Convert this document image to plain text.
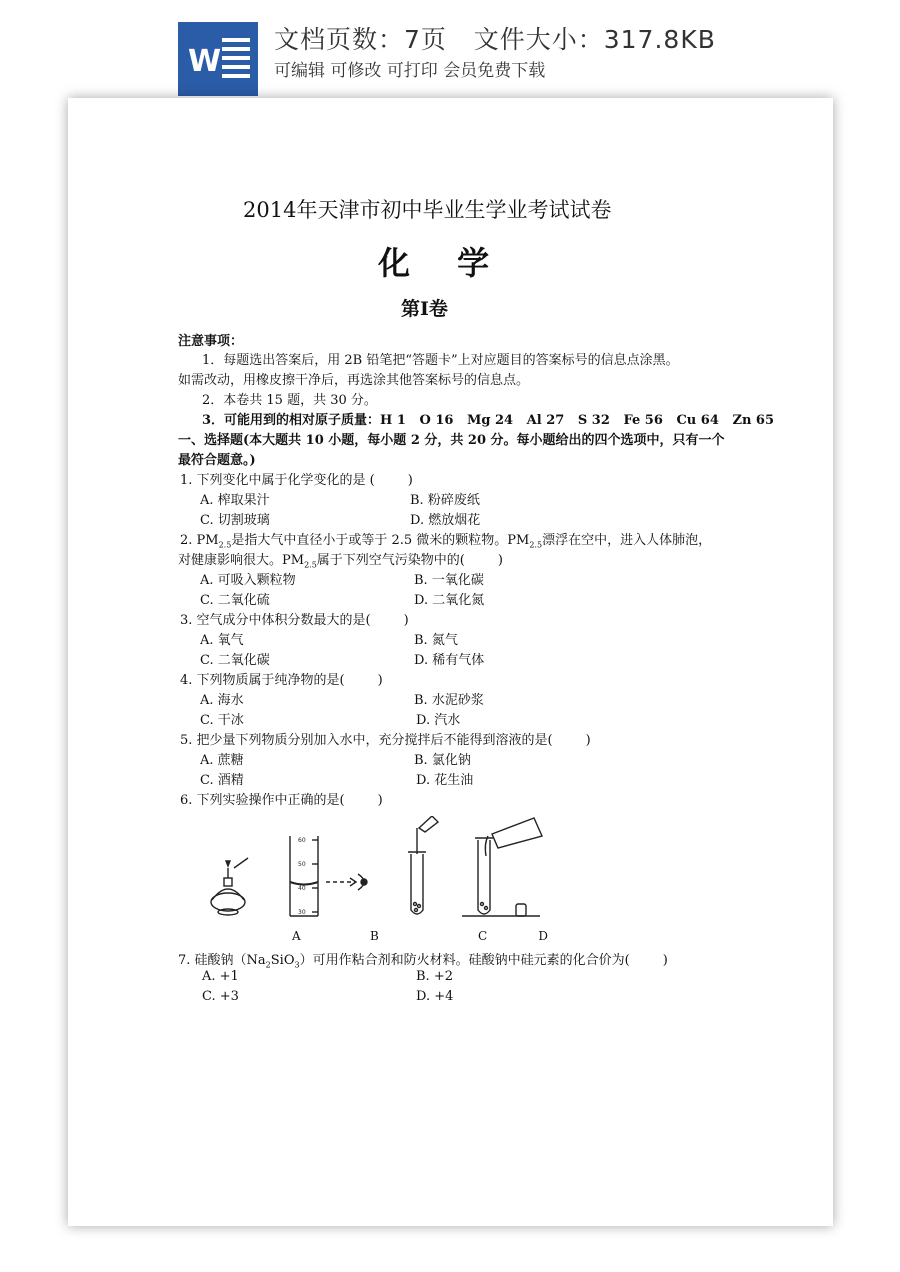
W
文档页数：7页   文件大小：317.8KB
可编辑 可修改 可打印 会员免费下载
2014年天津市初中毕业生学业考试试卷
化 学
第Ⅰ卷
注意事项：
1．每题选出答案后，用 2B 铅笔把“答题卡”上对应题目的答案标号的信息点涂黑。
如需改动，用橡皮擦干净后，再选涂其他答案标号的信息点。
2．本卷共 15 题，共 30 分。
3．可能用到的相对原子质量：H 1   O 16   Mg 24   Al 27   S 32   Fe 56   Cu 64   Zn 65
一、选择题(本大题共 10 小题，每小题 2 分，共 20 分。每小题给出的四个选项中，只有一个
最符合题意。)
1. 下列变化中属于化学变化的是 (        )
A. 榨取果汁	B. 粉碎废纸
C. 切割玻璃	D. 燃放烟花
2. $PM_{2.5}$是指大气中直径小于或等于 2.5 微米的颗粒物。$PM_{2.5}$漂浮在空中，进入人体肺泡，
对健康影响很大。$PM_{2.5}$属于下列空气污染物中的(        )
A. 可吸入颗粒物	B. 一氧化碳
C. 二氧化硫	D. 二氧化氮
3. 空气成分中体积分数最大的是(        )
A. 氧气	B. 氮气
C. 二氧化碳	D. 稀有气体
4. 下列物质属于纯净物的是(        )
A. 海水	B. 水泥砂浆
C. 干冰	D. 汽水
5. 把少量下列物质分别加入水中，充分搅拌后不能得到溶液的是(        )
A. 蔗糖	B. 氯化钠
C. 酒精	D. 花生油
6. 下列实验操作中正确的是(        )
60
50
40
30
A	B	C	D
7. 硅酸钠$(Na_2SiO_3)$可用作粘合剂和防火材料。硅酸钠中硅元素的化合价为(        )
A. +1	B. +2
C. +3	D. +4
